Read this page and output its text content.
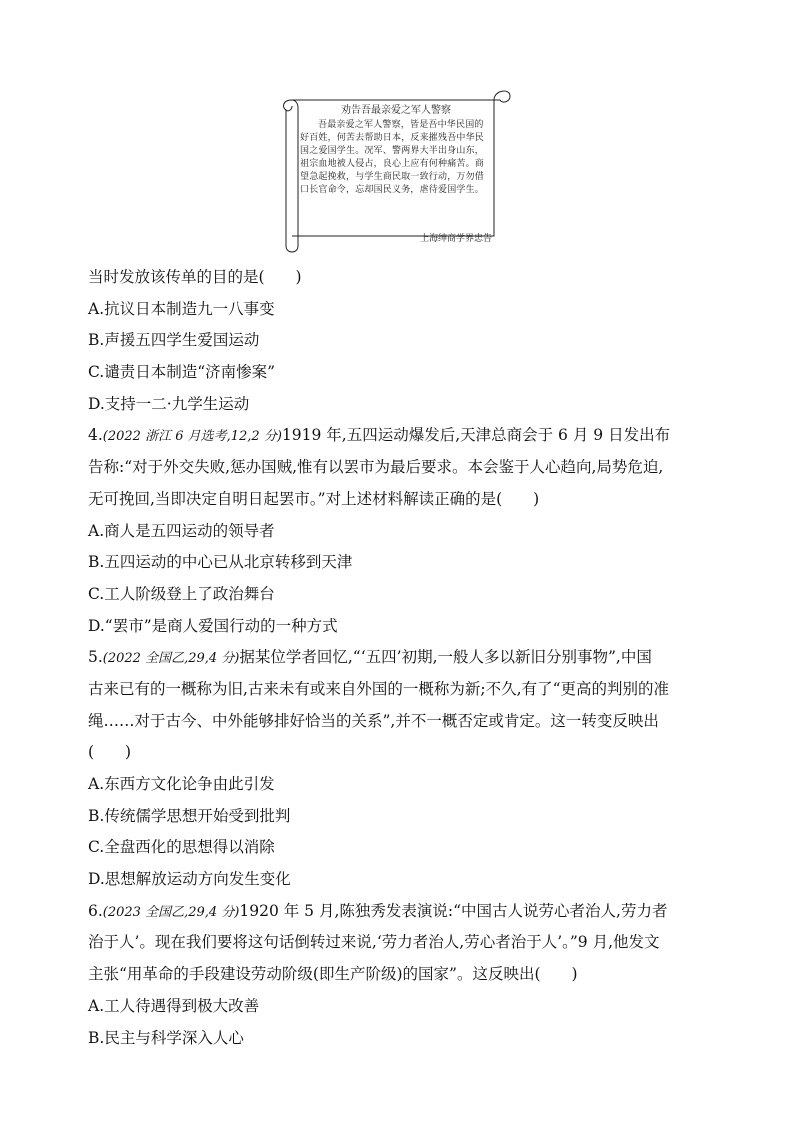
劝告吾最亲爱之军人警察
吾最亲爱之军人警察，皆是吾中华民国的好百姓，何苦去帮助日本，反来摧残吾中华民国之爱国学生。况军、警两界大半出身山东，祖宗血地被人侵占，良心上应有何种痛苦。商望急起挽救，与学生商民取一致行动，万勿借口长官命令，忘却国民义务，虐待爱国学生。
上海绅商学界忠告
当时发放该传单的目的是(　　)
A.抗议日本制造九一八事变
B.声援五四学生爱国运动
C.谴责日本制造“济南惨案”
D.支持一二·九学生运动
4.(2022 浙江 6 月选考,12,2 分)1919 年,五四运动爆发后,天津总商会于 6 月 9 日发出布
告称:“对于外交失败,惩办国贼,惟有以罢市为最后要求。本会鉴于人心趋向,局势危迫,
无可挽回,当即决定自明日起罢市。”对上述材料解读正确的是(　　)
A.商人是五四运动的领导者
B.五四运动的中心已从北京转移到天津
C.工人阶级登上了政治舞台
D.“罢市”是商人爱国行动的一种方式
5.(2022 全国乙,29,4 分)据某位学者回忆,“‘五四’初期,一般人多以新旧分别事物”,中国
古来已有的一概称为旧,古来未有或来自外国的一概称为新;不久,有了“更高的判别的准
绳……对于古今、中外能够排好恰当的关系”,并不一概否定或肯定。这一转变反映出
(　　)
A.东西方文化论争由此引发
B.传统儒学思想开始受到批判
C.全盘西化的思想得以消除
D.思想解放运动方向发生变化
6.(2023 全国乙,29,4 分)1920 年 5 月,陈独秀发表演说:“中国古人说劳心者治人,劳力者
治于人’。现在我们要将这句话倒转过来说,‘劳力者治人,劳心者治于人’。”9 月,他发文
主张“用革命的手段建设劳动阶级(即生产阶级)的国家”。这反映出(　　)
A.工人待遇得到极大改善
B.民主与科学深入人心
